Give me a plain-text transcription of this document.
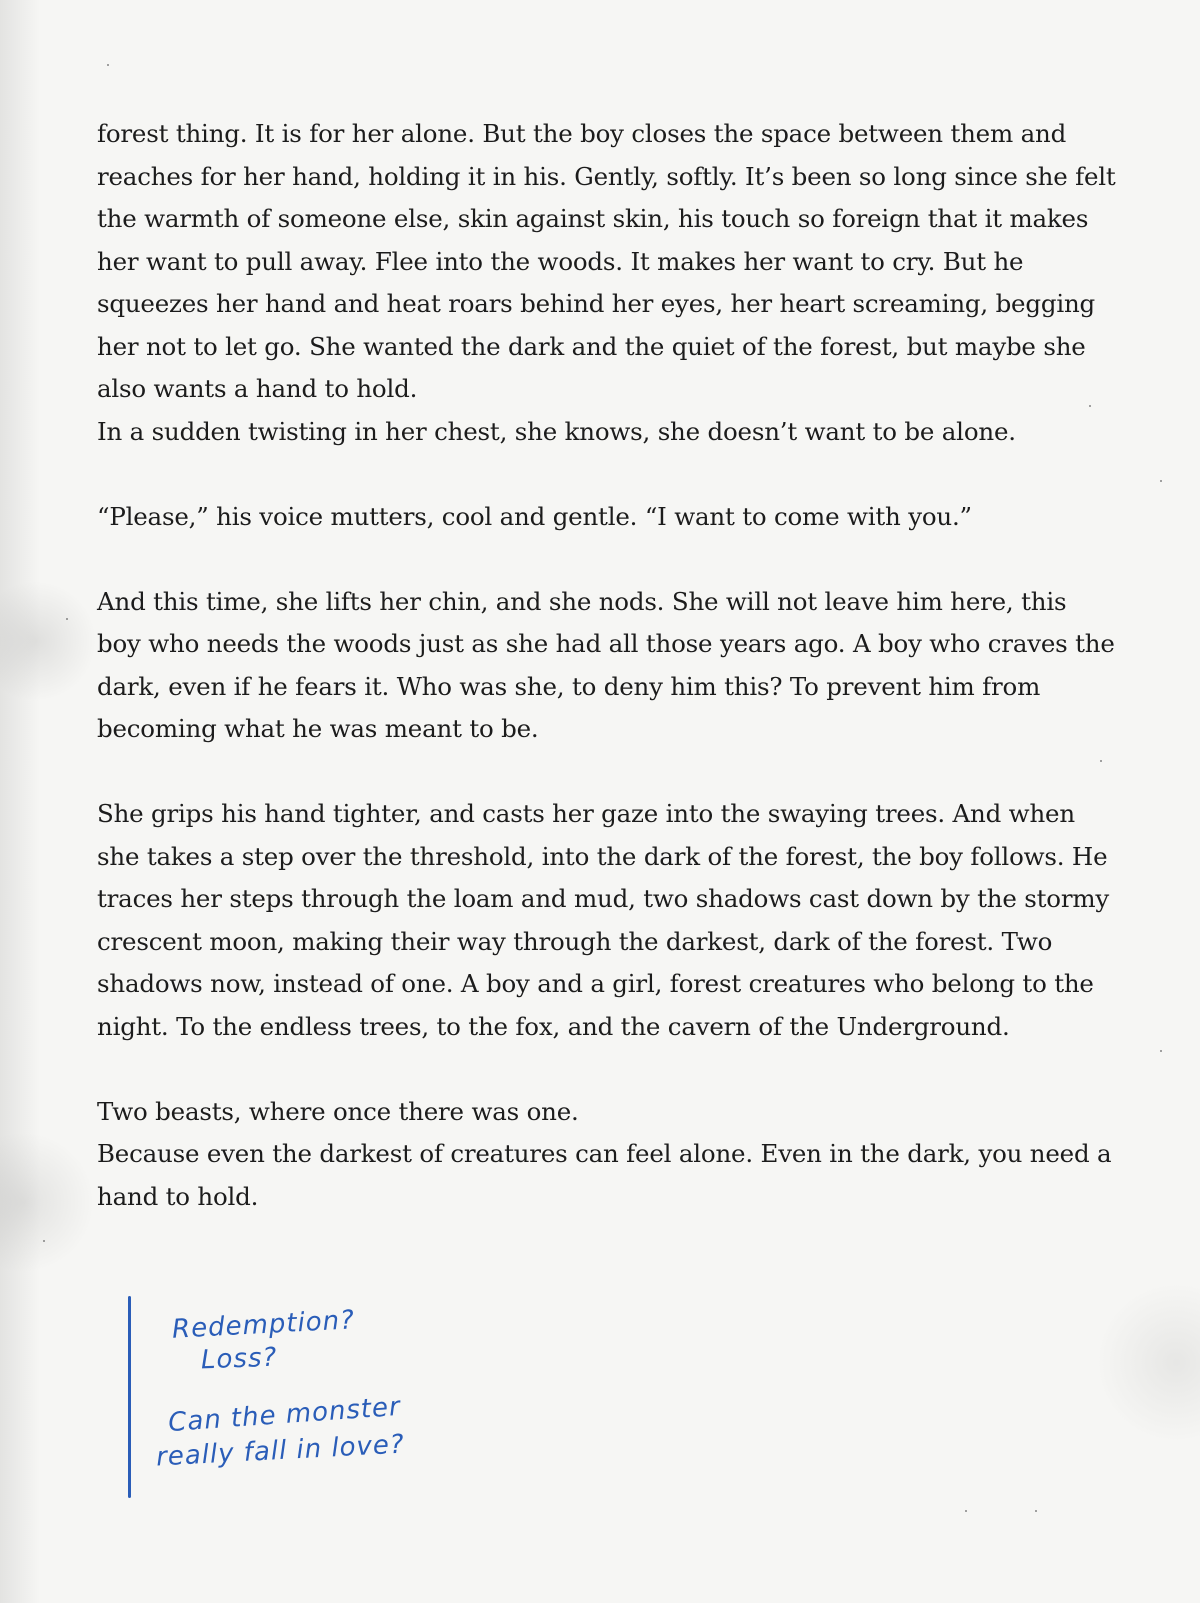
forest thing. It is for her alone. But the boy closes the space between them and reaches for her hand, holding it in his. Gently, softly. It’s been so long since she felt the warmth of someone else, skin against skin, his touch so foreign that it makes her want to pull away. Flee into the woods. It makes her want to cry. But he squeezes her hand and heat roars behind her eyes, her heart screaming, begging her not to let go. She wanted the dark and the quiet of the forest, but maybe she also wants a hand to hold.

In a sudden twisting in her chest, she knows, she doesn’t want to be alone.

“Please,” his voice mutters, cool and gentle. “I want to come with you.”

And this time, she lifts her chin, and she nods. She will not leave him here, this boy who needs the woods just as she had all those years ago. A boy who craves the dark, even if he fears it. Who was she, to deny him this? To prevent him from becoming what he was meant to be.

She grips his hand tighter, and casts her gaze into the swaying trees. And when she takes a step over the threshold, into the dark of the forest, the boy follows. He traces her steps through the loam and mud, two shadows cast down by the stormy crescent moon, making their way through the darkest, dark of the forest. Two shadows now, instead of one. A boy and a girl, forest creatures who belong to the night. To the endless trees, to the fox, and the cavern of the Underground.

Two beasts, where once there was one.

Because even the darkest of creatures can feel alone. Even in the dark, you need a hand to hold.

Redemption?
Loss?
Can the monster
really fall in love?
